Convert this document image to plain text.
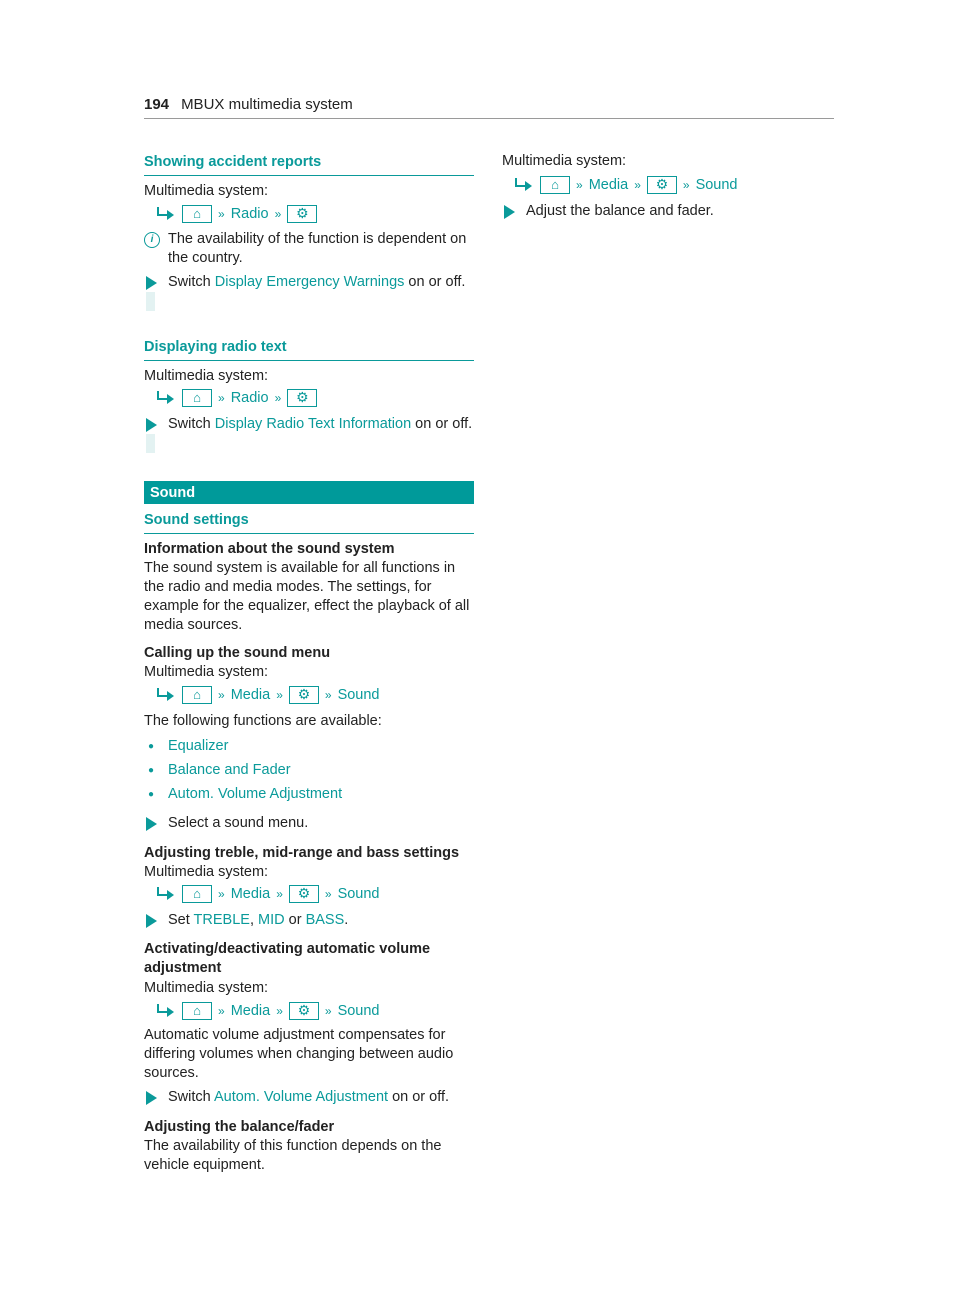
194 MBUX multimedia system
Showing accident reports
Multimedia system:
⌂	» Radio »	⚙
i	The availability of the function is dependent on the country.
Switch Display Emergency Warnings on or off.
Displaying radio text
Multimedia system:
⌂	» Radio »	⚙
Switch Display Radio Text Information on or off.
Sound
Sound settings
Information about the sound system
The sound system is available for all functions in the radio and media modes. The settings, for example for the equalizer, effect the playback of all media sources.
Calling up the sound menu
Multimedia system:
⌂	» Media »	⚙	» Sound
The following functions are available:
● Equalizer
● Balance and Fader
● Autom. Volume Adjustment
Select a sound menu.
Adjusting treble, mid-range and bass settings
Multimedia system:
⌂	» Media »	⚙	» Sound
Set TREBLE, MID or BASS.
Activating/deactivating automatic volume adjustment
Multimedia system:
⌂	» Media »	⚙	» Sound
Automatic volume adjustment compensates for differing volumes when changing between audio sources.
Switch Autom. Volume Adjustment on or off.
Adjusting the balance/fader
The availability of this function depends on the vehicle equipment.
Multimedia system:
⌂	» Media »	⚙	» Sound
Adjust the balance and fader.
